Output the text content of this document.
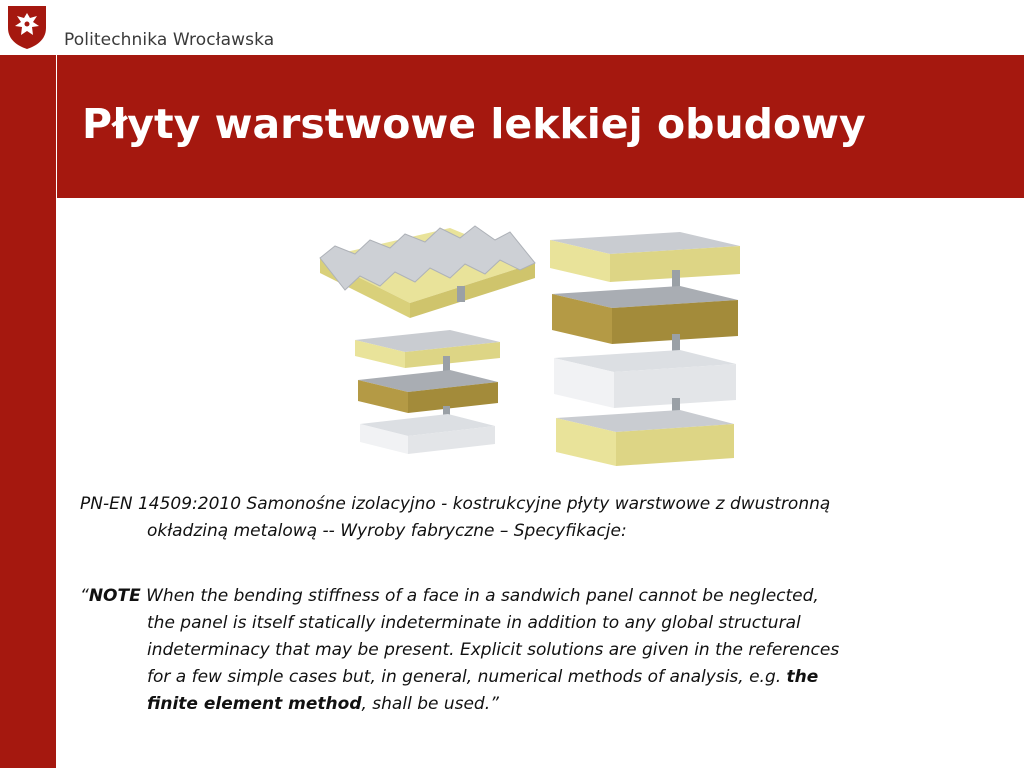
Politechnika Wrocławska
Płyty warstwowe lekkiej obudowy
PN-EN 14509:2010 Samonośne izolacyjno - kostrukcyjne płyty warstwowe z dwustronną
okładziną metalową -- Wyroby fabryczne – Specyfikacje:
“NOTE When the bending stiffness of a face in a sandwich panel cannot be neglected,
the panel is itself statically indeterminate in addition to any global structural
indeterminacy that may be present. Explicit solutions are given in the references
for a few simple cases but, in general, numerical methods of analysis, e.g. the
finite element method, shall be used.”
